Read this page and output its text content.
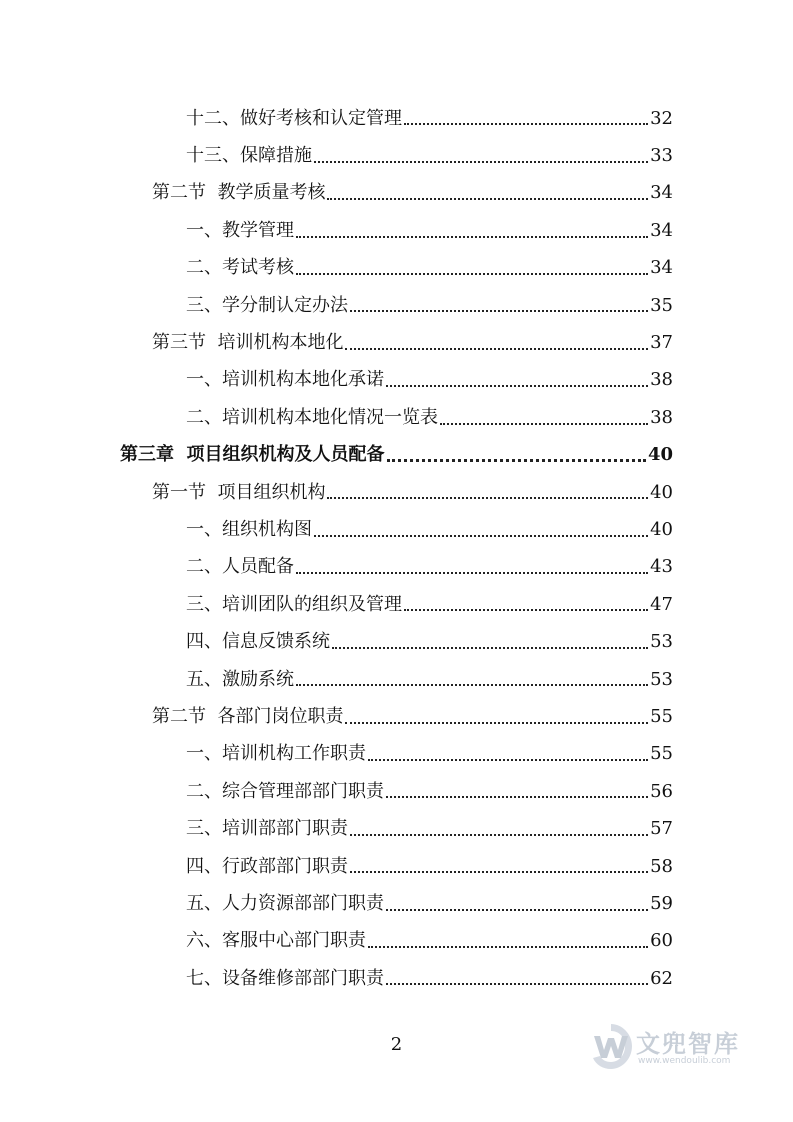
十二、做好考核和认定管理	32
十三、保障措施	33
第二节  教学质量考核	34
一、教学管理	34
二、考试考核	34
三、学分制认定办法	35
第三节  培训机构本地化	37
一、培训机构本地化承诺	38
二、培训机构本地化情况一览表	38
第三章  项目组织机构及人员配备	40
第一节  项目组织机构	40
一、组织机构图	40
二、人员配备	43
三、培训团队的组织及管理	47
四、信息反馈系统	53
五、激励系统	53
第二节  各部门岗位职责	55
一、培训机构工作职责	55
二、综合管理部部门职责	56
三、培训部部门职责	57
四、行政部部门职责	58
五、人力资源部部门职责	59
六、客服中心部门职责	60
七、设备维修部部门职责	62
2	文兜智库
www.wendoulib.com
